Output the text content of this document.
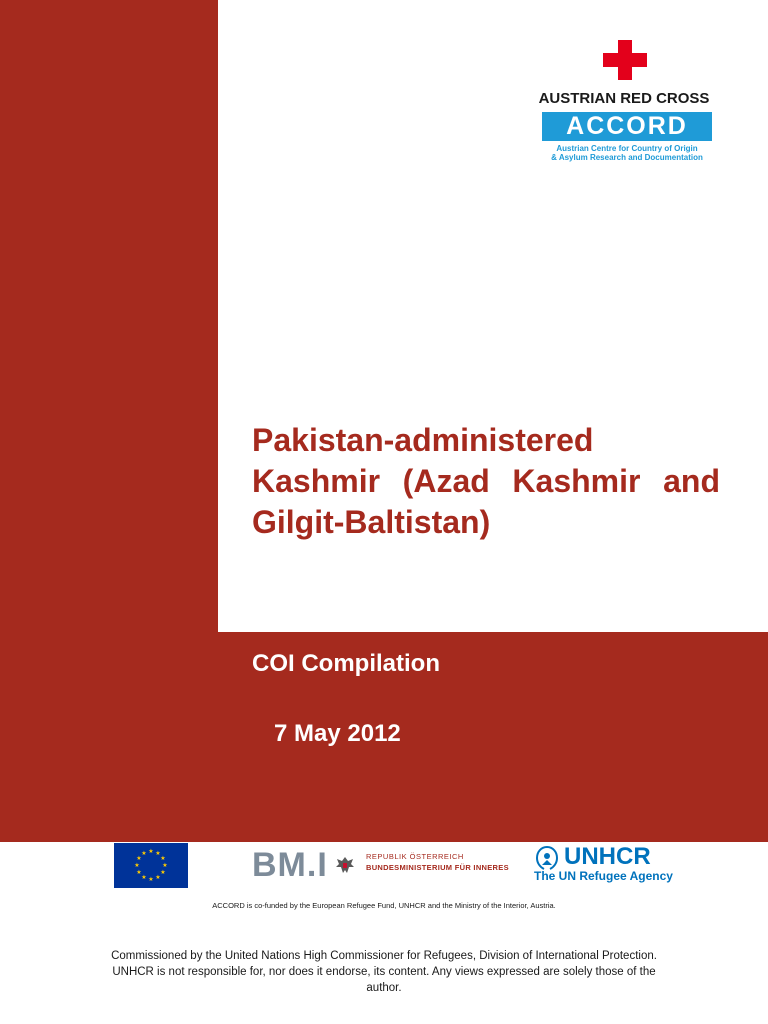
AUSTRIAN RED CROSS
ACCORD
Austrian Centre for Country of Origin
& Asylum Research and Documentation
Pakistan-administered Kashmir (Azad Kashmir and Gilgit-Baltistan)
COI Compilation
7 May 2012
★ ★
★
★
★
★
★
★
★
★
★
★	BM.I	REPUBLIK ÖSTERREICH
BUNDESMINISTERIUM FÜR INNERES UNHCR
The UN Refugee Agency
ACCORD is co-funded by the European Refugee Fund, UNHCR and the Ministry of the Interior, Austria.
Commissioned by the United Nations High Commissioner for Refugees, Division of International Protection. UNHCR is not responsible for, nor does it endorse, its content. Any views expressed are solely those of the author.
